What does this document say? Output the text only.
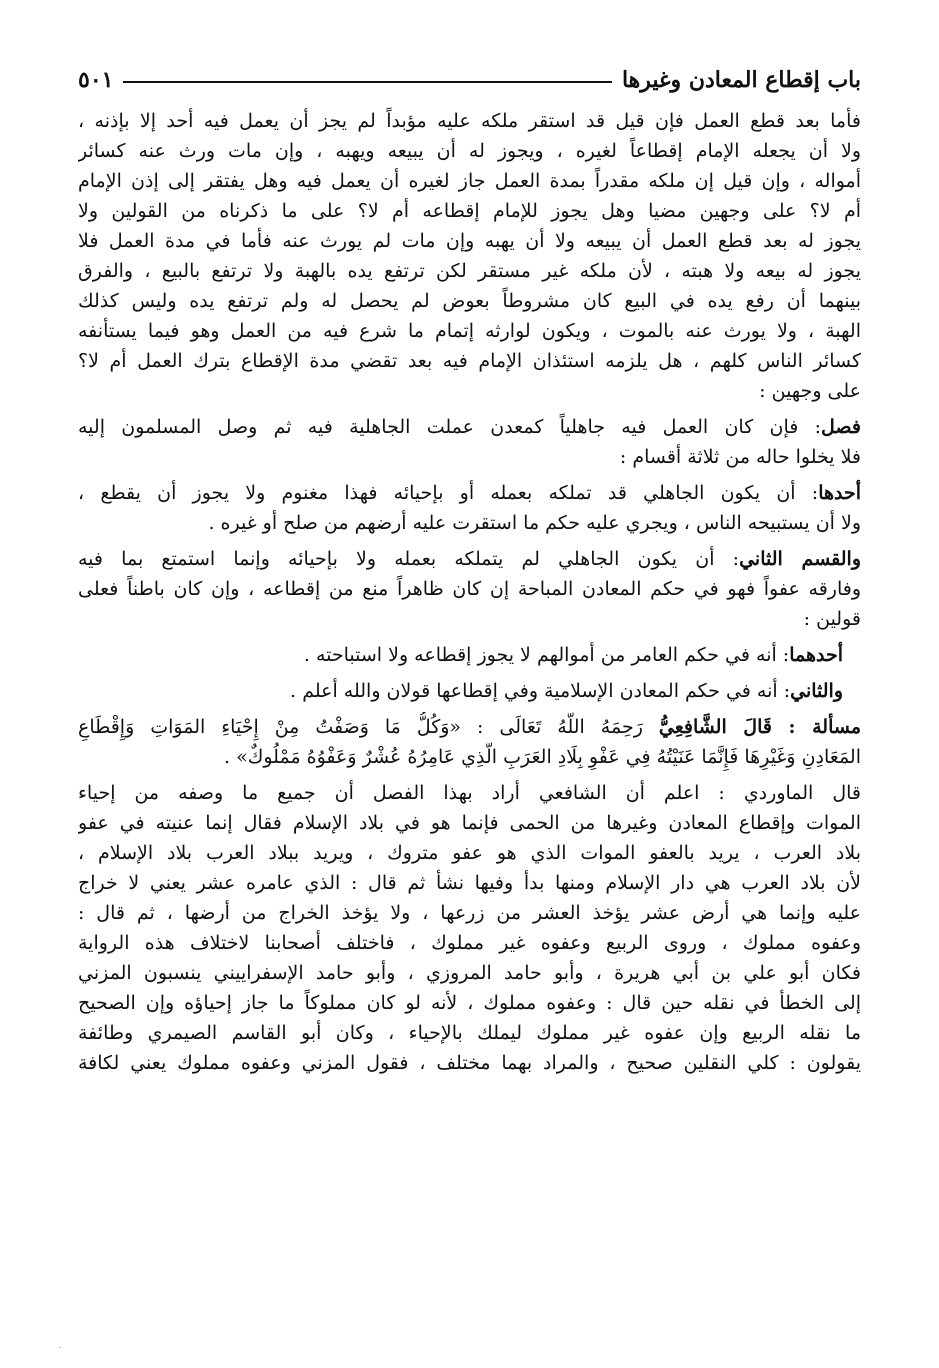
٥٠١	باب إقطاع المعادن وغيرها
فأما بعد قطع العمل فإن قيل قد استقر ملكه عليه مؤبداً لم يجز أن يعمل فيه أحد إلا بإذنه ،
ولا أن يجعله الإمام إقطاعاً لغيره ، ويجوز له أن يبيعه ويهبه ، وإن مات ورث عنه كسائر
أمواله ، وإن قيل إن ملكه مقدراً بمدة العمل جاز لغيره أن يعمل فيه وهل يفتقر إلى إذن الإمام
أم لا؟ على وجهين مضيا وهل يجوز للإمام إقطاعه أم لا؟ على ما ذكرناه من القولين ولا
يجوز له بعد قطع العمل أن يبيعه ولا أن يهبه وإن مات لم يورث عنه فأما في مدة العمل فلا
يجوز له بيعه ولا هبته ، لأن ملكه غير مستقر لكن ترتفع يده بالهبة ولا ترتفع بالبيع ، والفرق
بينهما أن رفع يده في البيع كان مشروطاً بعوض لم يحصل له ولم ترتفع يده وليس كذلك
الهبة ، ولا يورث عنه بالموت ، ويكون لوارثه إتمام ما شرع فيه من العمل وهو فيما يستأنفه
كسائر الناس كلهم ، هل يلزمه استئذان الإمام فيه بعد تقضي مدة الإقطاع بترك العمل أم لا؟
على وجهين :
فصل: فإن كان العمل فيه جاهلياً كمعدن عملت الجاهلية فيه ثم وصل المسلمون إليه
فلا يخلوا حاله من ثلاثة أقسام :
أحدها: أن يكون الجاهلي قد تملكه بعمله أو بإحيائه فهذا مغنوم ولا يجوز أن يقطع ،
ولا أن يستبيحه الناس ، ويجري عليه حكم ما استقرت عليه أرضهم من صلح أو غيره .
والقسم الثاني: أن يكون الجاهلي لم يتملكه بعمله ولا بإحيائه وإنما استمتع بما فيه
وفارقه عفواً فهو في حكم المعادن المباحة إن كان ظاهراً منع من إقطاعه ، وإن كان باطناً فعلى
قولين :
أحدهما: أنه في حكم العامر من أموالهم لا يجوز إقطاعه ولا استباحته .
والثاني: أنه في حكم المعادن الإسلامية وفي إقطاعها قولان والله أعلم .
مسألة : قَالَ الشَّافِعِيُّ رَحِمَهُ اللَّهُ تَعَالَى : «وَكُلُّ مَا وَصَفْتُ مِنْ إِحْيَاءِ المَوَاتِ وَإِقْطَاعِ
المَعَادِنِ وَغَيْرِهَا فَإِنَّمَا عَنَيْتُهُ فِي عَفْوِ بِلَادِ العَرَبِ الَّذِي عَامِرُهُ عُشْرٌ وَعَفْوُهُ مَمْلُوكٌ» .
قال الماوردي : اعلم أن الشافعي أراد بهذا الفصل أن جميع ما وصفه من إحياء
الموات وإقطاع المعادن وغيرها من الحمى فإنما هو في بلاد الإسلام فقال إنما عنيته في عفو
بلاد العرب ، يريد بالعفو الموات الذي هو عفو متروك ، ويريد ببلاد العرب بلاد الإسلام ،
لأن بلاد العرب هي دار الإسلام ومنها بدأ وفيها نشأ ثم قال : الذي عامره عشر يعني لا خراج
عليه وإنما هي أرض عشر يؤخذ العشر من زرعها ، ولا يؤخذ الخراج من أرضها ، ثم قال :
وعفوه مملوك ، وروى الربيع وعفوه غير مملوك ، فاختلف أصحابنا لاختلاف هذه الرواية
فكان أبو علي بن أبي هريرة ، وأبو حامد المروزي ، وأبو حامد الإسفراييني ينسبون المزني
إلى الخطأ في نقله حين قال : وعفوه مملوك ، لأنه لو كان مملوكاً ما جاز إحياؤه وإن الصحيح
ما نقله الربيع وإن عفوه غير مملوك ليملك بالإحياء ، وكان أبو القاسم الصيمري وطائفة
يقولون : كلي النقلين صحيح ، والمراد بهما مختلف ، فقول المزني وعفوه مملوك يعني لكافة
